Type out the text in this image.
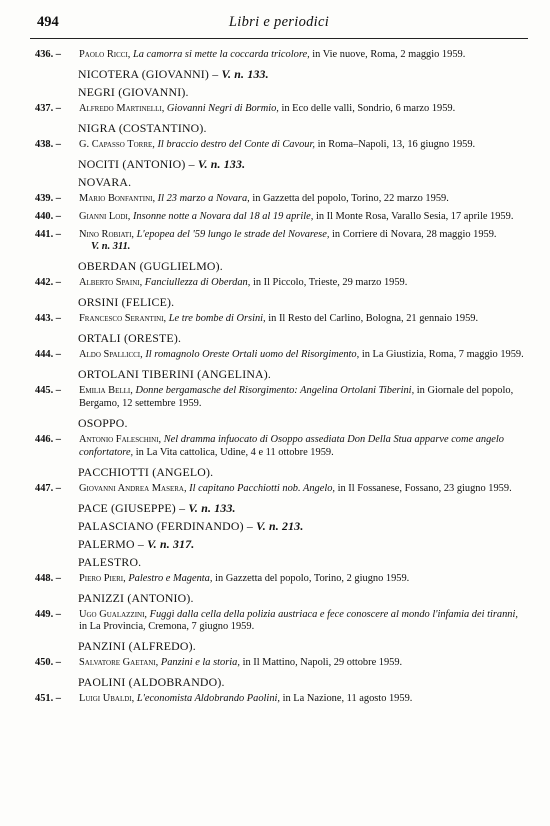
494	Libri e periodici
436. – Paolo Ricci, La camorra si mette la coccarda tricolore, in Vie nuove, Roma, 2 maggio 1959.
NICOTERA (GIOVANNI) – V. n. 133.
NEGRI (GIOVANNI).
437. – Alfredo Martinelli, Giovanni Negri di Bormio, in Eco delle valli, Sondrio, 6 marzo 1959.
NIGRA (COSTANTINO).
438. – G. Capasso Torre, Il braccio destro del Conte di Cavour, in Roma–Napoli, 13, 16 giugno 1959.
NOCITI (ANTONIO) – V. n. 133.
NOVARA.
439. – Mario Bonfantini, Il 23 marzo a Novara, in Gazzetta del popolo, Torino, 22 marzo 1959.
440. – Gianni Lodi, Insonne notte a Novara dal 18 al 19 aprile, in Il Monte Rosa, Varallo Sesia, 17 aprile 1959.
441. – Nino Robiati, L'epopea del '59 lungo le strade del Novarese, in Corriere di Novara, 28 maggio 1959.
V. n. 311.
OBERDAN (GUGLIELMO).
442. – Alberto Spaini, Fanciullezza di Oberdan, in Il Piccolo, Trieste, 29 marzo 1959.
ORSINI (FELICE).
443. – Francesco Serantini, Le tre bombe di Orsini, in Il Resto del Carlino, Bologna, 21 gennaio 1959.
ORTALI (ORESTE).
444. – Aldo Spallicci, Il romagnolo Oreste Ortali uomo del Risorgimento, in La Giustizia, Roma, 7 maggio 1959.
ORTOLANI TIBERINI (ANGELINA).
445. – Emilia Belli, Donne bergamasche del Risorgimento: Angelina Ortolani Tiberini, in Giornale del popolo, Bergamo, 12 settembre 1959.
OSOPPO.
446. – Antonio Faleschini, Nel dramma infuocato di Osoppo assediata Don Della Stua apparve come angelo confortatore, in La Vita cattolica, Udine, 4 e 11 ottobre 1959.
PACCHIOTTI (ANGELO).
447. – Giovanni Andrea Masera, Il capitano Pacchiotti nob. Angelo, in Il Fossanese, Fossano, 23 giugno 1959.
PACE (GIUSEPPE) – V. n. 133.
PALASCIANO (FERDINANDO) – V. n. 213.
PALERMO – V. n. 317.
PALESTRO.
448. – Piero Pieri, Palestro e Magenta, in Gazzetta del popolo, Torino, 2 giugno 1959.
PANIZZI (ANTONIO).
449. – Ugo Gualazzini, Fuggì dalla cella della polizia austriaca e fece conoscere al mondo l'infamia dei tiranni, in La Provincia, Cremona, 7 giugno 1959.
PANZINI (ALFREDO).
450. – Salvatore Gaetani, Panzini e la storia, in Il Mattino, Napoli, 29 ottobre 1959.
PAOLINI (ALDOBRANDO).
451. – Luigi Ubaldi, L'economista Aldobrando Paolini, in La Nazione, 11 agosto 1959.
